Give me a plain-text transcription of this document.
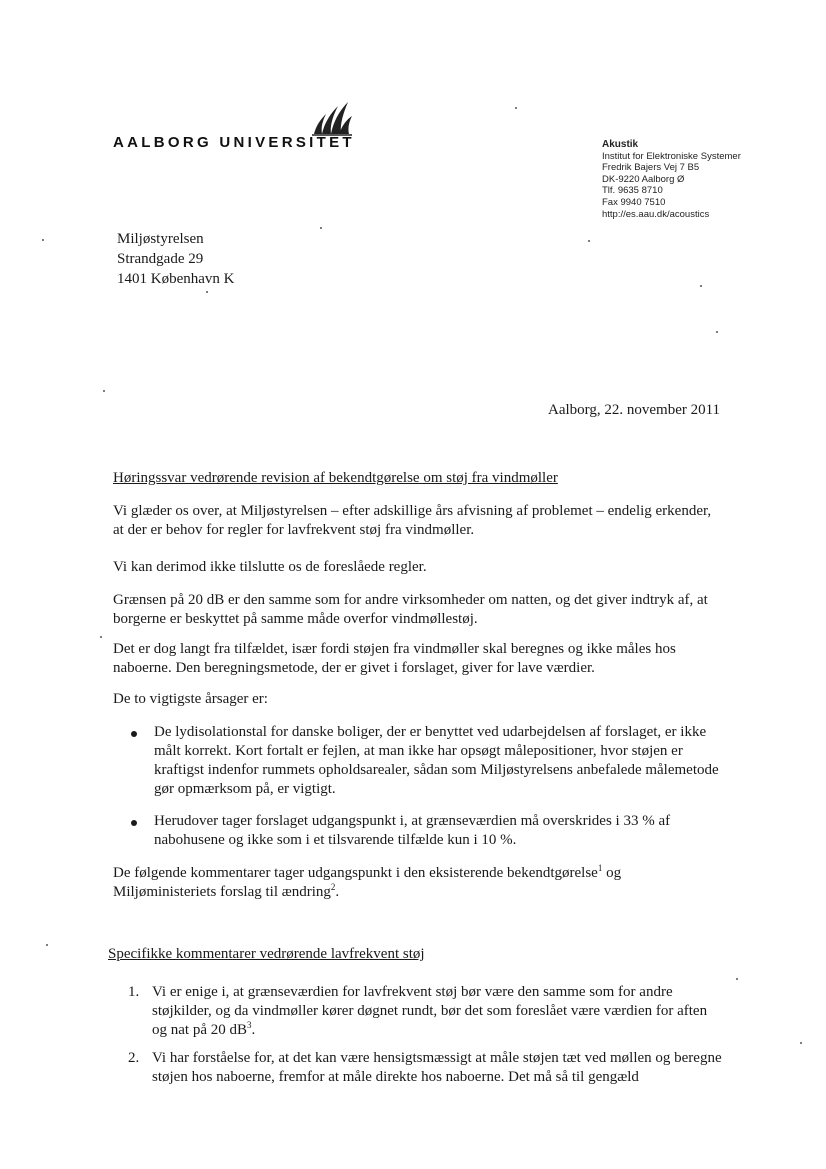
AALBORG UNIVERSITET	Akustik
Institut for Elektroniske Systemer
Fredrik Bajers Vej 7 B5
DK-9220 Aalborg Ø
Tlf. 9635 8710
Fax 9940 7510
http://es.aau.dk/acoustics
Miljøstyrelsen
Strandgade 29
1401 København K
Aalborg, 22. november 2011
Høringssvar vedrørende revision af bekendtgørelse om støj fra vindmøller
Vi glæder os over, at Miljøstyrelsen – efter adskillige års afvisning af problemet – endelig erkender, at der er behov for regler for lavfrekvent støj fra vindmøller.
Vi kan derimod ikke tilslutte os de foreslåede regler.
Grænsen på 20 dB er den samme som for andre virksomheder om natten, og det giver indtryk af, at borgerne er beskyttet på samme måde overfor vindmøllestøj.
Det er dog langt fra tilfældet, især fordi støjen fra vindmøller skal beregnes og ikke måles hos naboerne. Den beregningsmetode, der er givet i forslaget, giver for lave værdier.
De to vigtigste årsager er:
De lydisolationstal for danske boliger, der er benyttet ved udarbejdelsen af forslaget, er ikke målt korrekt. Kort fortalt er fejlen, at man ikke har opsøgt målepositioner, hvor støjen er kraftigst indenfor rummets opholdsarealer, sådan som Miljøstyrelsens anbefalede målemetode gør opmærksom på, er vigtigt.
Herudover tager forslaget udgangspunkt i, at grænseværdien må overskrides i 33 % af nabohusene og ikke som i et tilsvarende tilfælde kun i 10 %.
De følgende kommentarer tager udgangspunkt i den eksisterende bekendtgørelse$^1$ og Miljøministeriets forslag til ændring$^2$.
Specifikke kommentarer vedrørende lavfrekvent støj
1. Vi er enige i, at grænseværdien for lavfrekvent støj bør være den samme som for andre støjkilder, og da vindmøller kører døgnet rundt, bør det som foreslået være værdien for aften og nat på 20 $dB^3$.
2. Vi har forståelse for, at det kan være hensigtsmæssigt at måle støjen tæt ved møllen og beregne støjen hos naboerne, fremfor at måle direkte hos naboerne. Det må så til gengæld
